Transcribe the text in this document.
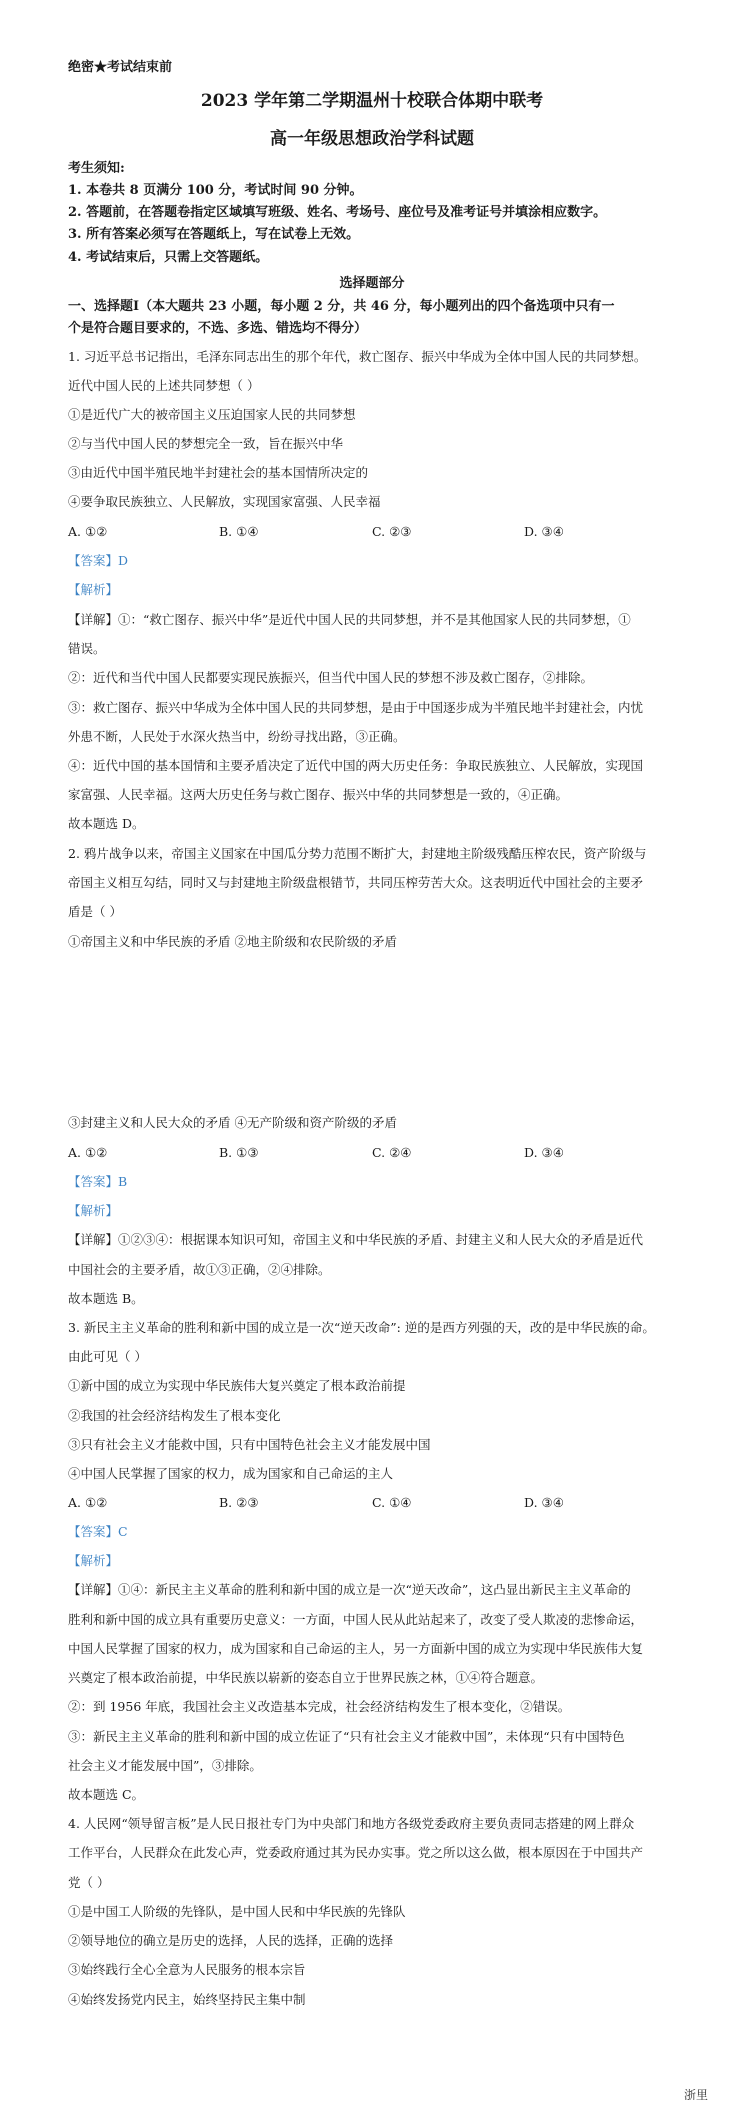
绝密★考试结束前
2023 学年第二学期温州十校联合体期中联考
高一年级思想政治学科试题
考生须知:
1. 本卷共 8 页满分 100 分，考试时间 90 分钟。
2. 答题前，在答题卷指定区域填写班级、姓名、考场号、座位号及准考证号并填涂相应数字。
3. 所有答案必须写在答题纸上，写在试卷上无效。
4. 考试结束后，只需上交答题纸。
选择题部分
一、选择题Ⅰ（本大题共 23 小题，每小题 2 分，共 46 分，每小题列出的四个备选项中只有一
个是符合题目要求的，不选、多选、错选均不得分）
1. 习近平总书记指出，毛泽东同志出生的那个年代，救亡图存、振兴中华成为全体中国人民的共同梦想。
近代中国人民的上述共同梦想（ ）
①是近代广大的被帝国主义压迫国家人民的共同梦想
②与当代中国人民的梦想完全一致，旨在振兴中华
③由近代中国半殖民地半封建社会的基本国情所决定的
④要争取民族独立、人民解放，实现国家富强、人民幸福
A. ①②	B. ①④	C. ②③	D. ③④
【答案】D
【解析】
【详解】①：“救亡图存、振兴中华”是近代中国人民的共同梦想，并不是其他国家人民的共同梦想，①
错误。
②：近代和当代中国人民都要实现民族振兴，但当代中国人民的梦想不涉及救亡图存，②排除。
③：救亡图存、振兴中华成为全体中国人民的共同梦想，是由于中国逐步成为半殖民地半封建社会，内忧
外患不断，人民处于水深火热当中，纷纷寻找出路，③正确。
④：近代中国的基本国情和主要矛盾决定了近代中国的两大历史任务：争取民族独立、人民解放，实现国
家富强、人民幸福。这两大历史任务与救亡图存、振兴中华的共同梦想是一致的，④正确。
故本题选 D。
2. 鸦片战争以来，帝国主义国家在中国瓜分势力范围不断扩大，封建地主阶级残酷压榨农民，资产阶级与
帝国主义相互勾结，同时又与封建地主阶级盘根错节，共同压榨劳苦大众。这表明近代中国社会的主要矛
盾是（ ）
①帝国主义和中华民族的矛盾 ②地主阶级和农民阶级的矛盾
③封建主义和人民大众的矛盾 ④无产阶级和资产阶级的矛盾
A. ①②	B. ①③	C. ②④	D. ③④
【答案】B
【解析】
【详解】①②③④：根据课本知识可知，帝国主义和中华民族的矛盾、封建主义和人民大众的矛盾是近代
中国社会的主要矛盾，故①③正确，②④排除。
故本题选 B。
3. 新民主主义革命的胜利和新中国的成立是一次“逆天改命”: 逆的是西方列强的天，改的是中华民族的命。
由此可见（ ）
①新中国的成立为实现中华民族伟大复兴奠定了根本政治前提
②我国的社会经济结构发生了根本变化
③只有社会主义才能救中国，只有中国特色社会主义才能发展中国
④中国人民掌握了国家的权力，成为国家和自己命运的主人
A. ①②	B. ②③	C. ①④	D. ③④
【答案】C
【解析】
【详解】①④：新民主主义革命的胜利和新中国的成立是一次“逆天改命”，这凸显出新民主主义革命的
胜利和新中国的成立具有重要历史意义：一方面，中国人民从此站起来了，改变了受人欺凌的悲惨命运，
中国人民掌握了国家的权力，成为国家和自己命运的主人，另一方面新中国的成立为实现中华民族伟大复
兴奠定了根本政治前提，中华民族以崭新的姿态自立于世界民族之林，①④符合题意。
②：到 1956 年底，我国社会主义改造基本完成，社会经济结构发生了根本变化，②错误。
③：新民主主义革命的胜利和新中国的成立佐证了“只有社会主义才能救中国”，未体现“只有中国特色
社会主义才能发展中国”，③排除。
故本题选 C。
4. 人民网“领导留言板”是人民日报社专门为中央部门和地方各级党委政府主要负责同志搭建的网上群众
工作平台，人民群众在此发心声，党委政府通过其为民办实事。党之所以这么做，根本原因在于中国共产
党（ ）
①是中国工人阶级的先锋队，是中国人民和中华民族的先锋队
②领导地位的确立是历史的选择，人民的选择，正确的选择
③始终践行全心全意为人民服务的根本宗旨
④始终发扬党内民主，始终坚持民主集中制
浙里
